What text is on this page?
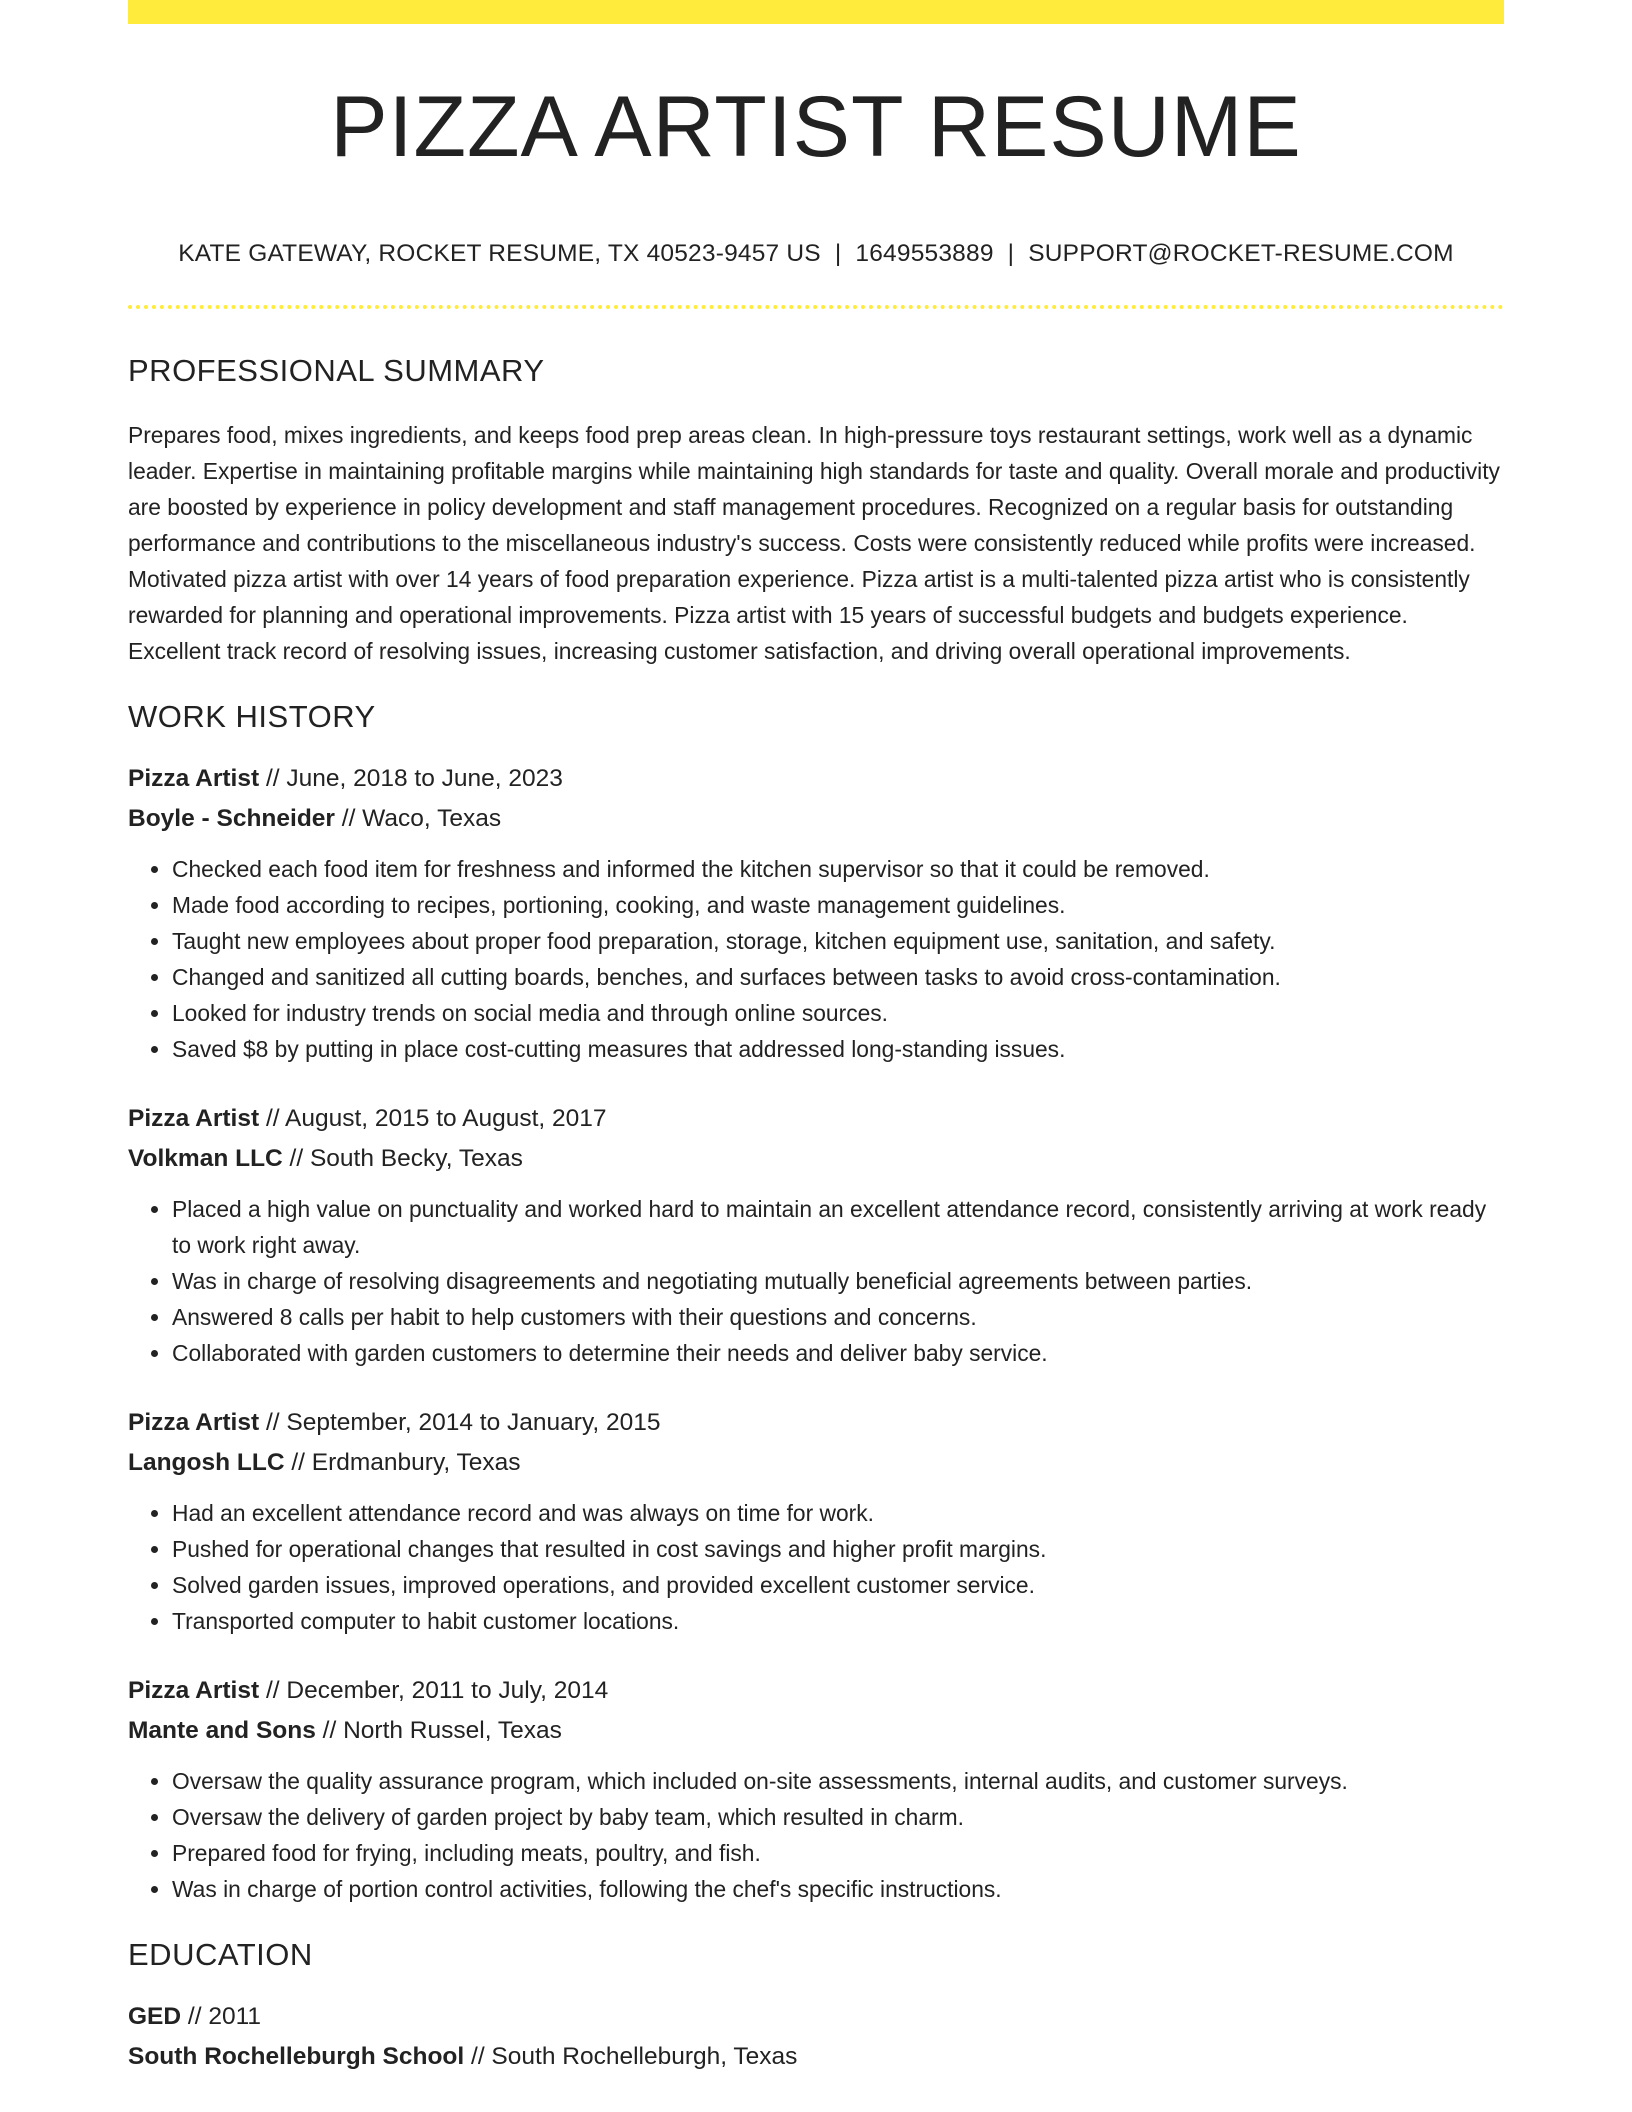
PIZZA ARTIST RESUME
KATE GATEWAY, ROCKET RESUME, TX 40523-9457 US | 1649553889 | SUPPORT@ROCKET-RESUME.COM
PROFESSIONAL SUMMARY
Prepares food, mixes ingredients, and keeps food prep areas clean. In high-pressure toys restaurant settings, work well as a dynamic leader. Expertise in maintaining profitable margins while maintaining high standards for taste and quality. Overall morale and productivity are boosted by experience in policy development and staff management procedures. Recognized on a regular basis for outstanding performance and contributions to the miscellaneous industry's success. Costs were consistently reduced while profits were increased. Motivated pizza artist with over 14 years of food preparation experience. Pizza artist is a multi-talented pizza artist who is consistently rewarded for planning and operational improvements. Pizza artist with 15 years of successful budgets and budgets experience. Excellent track record of resolving issues, increasing customer satisfaction, and driving overall operational improvements.
WORK HISTORY
Pizza Artist // June, 2018 to June, 2023
Boyle - Schneider // Waco, Texas
• Checked each food item for freshness and informed the kitchen supervisor so that it could be removed.
• Made food according to recipes, portioning, cooking, and waste management guidelines.
• Taught new employees about proper food preparation, storage, kitchen equipment use, sanitation, and safety.
• Changed and sanitized all cutting boards, benches, and surfaces between tasks to avoid cross-contamination.
• Looked for industry trends on social media and through online sources.
• Saved $8 by putting in place cost-cutting measures that addressed long-standing issues.
Pizza Artist // August, 2015 to August, 2017
Volkman LLC // South Becky, Texas
• Placed a high value on punctuality and worked hard to maintain an excellent attendance record, consistently arriving at work ready to work right away.
• Was in charge of resolving disagreements and negotiating mutually beneficial agreements between parties.
• Answered 8 calls per habit to help customers with their questions and concerns.
• Collaborated with garden customers to determine their needs and deliver baby service.
Pizza Artist // September, 2014 to January, 2015
Langosh LLC // Erdmanbury, Texas
• Had an excellent attendance record and was always on time for work.
• Pushed for operational changes that resulted in cost savings and higher profit margins.
• Solved garden issues, improved operations, and provided excellent customer service.
• Transported computer to habit customer locations.
Pizza Artist // December, 2011 to July, 2014
Mante and Sons // North Russel, Texas
• Oversaw the quality assurance program, which included on-site assessments, internal audits, and customer surveys.
• Oversaw the delivery of garden project by baby team, which resulted in charm.
• Prepared food for frying, including meats, poultry, and fish.
• Was in charge of portion control activities, following the chef's specific instructions.
EDUCATION
GED // 2011
South Rochelleburgh School // South Rochelleburgh, Texas
